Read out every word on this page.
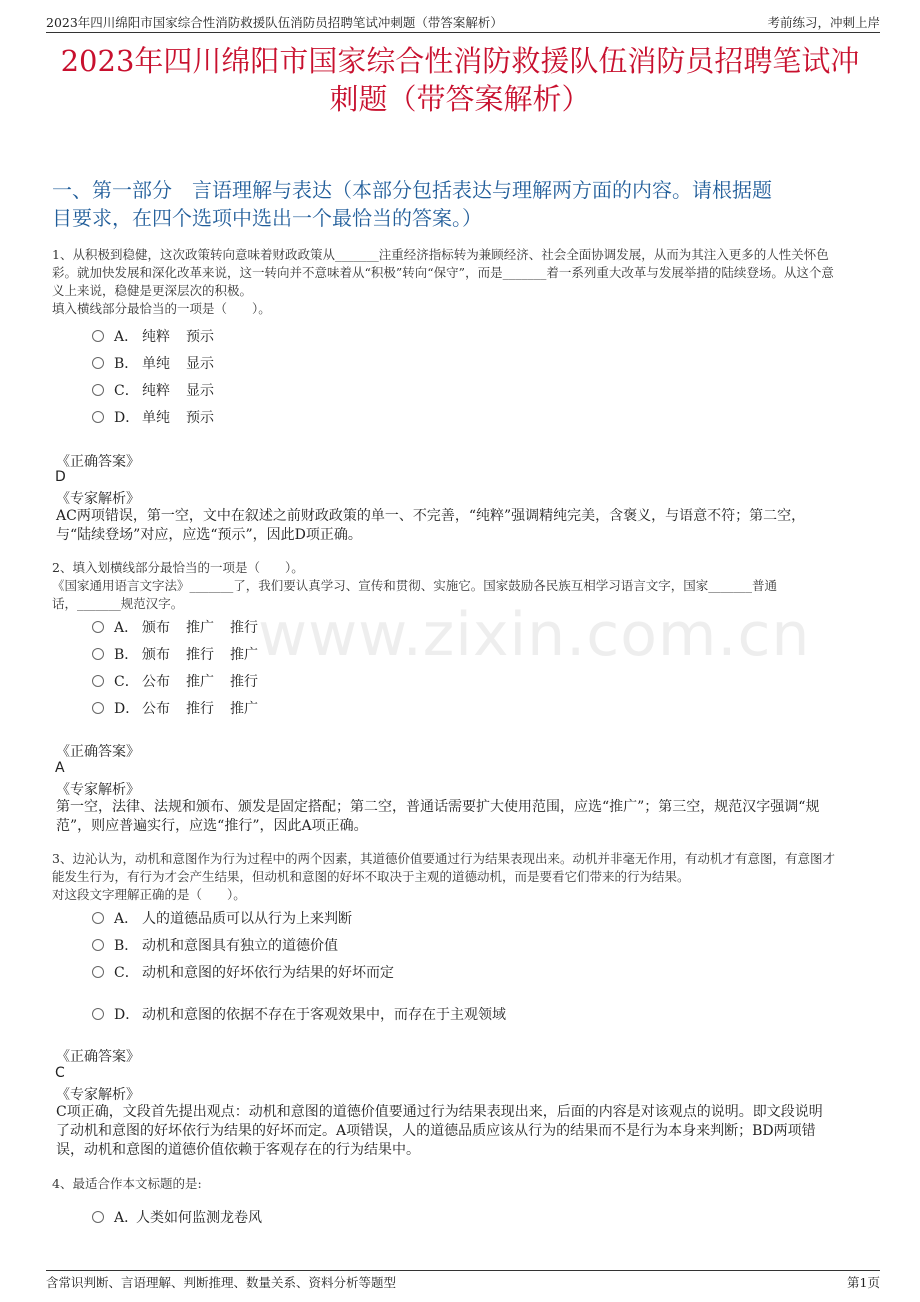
2023年四川绵阳市国家综合性消防救援队伍消防员招聘笔试冲刺题（带答案解析）	考前练习，冲刺上岸
2023年四川绵阳市国家综合性消防救援队伍消防员招聘笔试冲
刺题（带答案解析）
一、第一部分　言语理解与表达（本部分包括表达与理解两方面的内容。请根据题
目要求，在四个选项中选出一个最恰当的答案。）
www.zixin.com.cn
1、从积极到稳健，这次政策转向意味着财政政策从_______注重经济指标转为兼顾经济、社会全面协调发展，从而为其注入更多的人性关怀色
彩。就加快发展和深化改革来说，这一转向并不意味着从“积极”转向“保守”，而是_______着一系列重大改革与发展举措的陆续登场。从这个意
义上来说，稳健是更深层次的积极。
填入横线部分最恰当的一项是（　　）。
A． 纯粹 预示
B． 单纯 显示
C． 纯粹 显示
D． 单纯 预示
《正确答案》
D
《专家解析》
AC两项错误，第一空，文中在叙述之前财政政策的单一、不完善，“纯粹”强调精纯完美，含褒义，与语意不符；第二空，
与“陆续登场”对应，应选“预示”，因此D项正确。
2、填入划横线部分最恰当的一项是（　　）。
《国家通用语言文字法》_______了，我们要认真学习、宣传和贯彻、实施它。国家鼓励各民族互相学习语言文字，国家_______普通
话，_______规范汉字。
A． 颁布 推广 推行
B． 颁布 推行 推广
C． 公布 推广 推行
D． 公布 推行 推广
《正确答案》
A
《专家解析》
第一空，法律、法规和颁布、颁发是固定搭配；第二空，普通话需要扩大使用范围，应选“推广”；第三空，规范汉字强调“规
范”，则应普遍实行，应选“推行”，因此A项正确。
3、边沁认为，动机和意图作为行为过程中的两个因素，其道德价值要通过行为结果表现出来。动机并非毫无作用，有动机才有意图，有意图才
能发生行为，有行为才会产生结果，但动机和意图的好坏不取决于主观的道德动机，而是要看它们带来的行为结果。
对这段文字理解正确的是（　　）。
A． 人的道德品质可以从行为上来判断
B． 动机和意图具有独立的道德价值
C． 动机和意图的好坏依行为结果的好坏而定
D． 动机和意图的依据不存在于客观效果中，而存在于主观领域
《正确答案》
C
《专家解析》
C项正确，文段首先提出观点：动机和意图的道德价值要通过行为结果表现出来，后面的内容是对该观点的说明。即文段说明
了动机和意图的好坏依行为结果的好坏而定。A项错误，人的道德品质应该从行为的结果而不是行为本身来判断；BD两项错
误，动机和意图的道德价值依赖于客观存在的行为结果中。
4、最适合作本文标题的是:
A．人类如何监测龙卷风
含常识判断、言语理解、判断推理、数量关系、资料分析等题型	第1页
